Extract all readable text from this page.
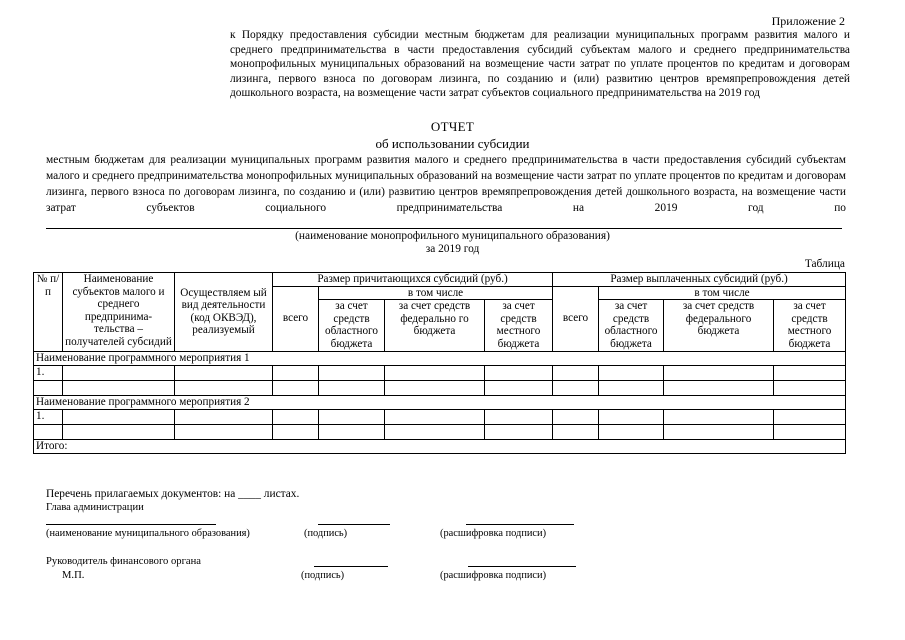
Приложение 2
к Порядку предоставления субсидии местным бюджетам для реализации муниципальных программ развития малого и среднего предпринимательства в части предоставления субсидий субъектам малого и среднего предпринимательства монопрофильных муниципальных образований на возмещение части затрат по уплате процентов по кредитам и договорам лизинга, первого взноса по договорам лизинга, по созданию и (или) развитию центров времяпрепровождения детей дошкольного возраста, на возмещение части затрат субъектов социального предпринимательства на 2019 год
ОТЧЕТ
об использовании субсидии
местным бюджетам для реализации муниципальных программ развития малого и среднего предпринимательства в части предоставления субсидий субъектам малого и среднего предпринимательства монопрофильных муниципальных образований на возмещение части затрат по уплате процентов по кредитам и договорам лизинга, первого взноса по договорам лизинга, по созданию и (или) развитию центров времяпрепровождения детей дошкольного возраста, на возмещение части затрат субъектов социального предпринимательства на 2019 год по
(наименование монопрофильного муниципального образования)
за 2019 год
Таблица
№ п/п	Наименование субъектов малого и среднего предпринима- тельства – получателей субсидий	Осуществляем ый вид деятельности (код ОКВЭД), реализуемый	Размер причитающихся субсидий (руб.)				Размер выплаченных субсидий (руб.)			
			всего	в том числе			всего	в том числе		
				за счет средств областного бюджета	за счет средств федерально го бюджета	за счет средств местного бюджета		за счет средств областного бюджета	за счет средств федерального бюджета	за счет средств местного бюджета
Наименование программного мероприятия 1										
1.										

Наименование программного мероприятия 2										
1.										

Итого:										
Перечень прилагаемых документов: на ____ листах.
Глава администрации
(наименование муниципального образования)	(подпись)	(расшифровка подписи)
Руководитель финансового органа
М.П.	(подпись)	(расшифровка подписи)
